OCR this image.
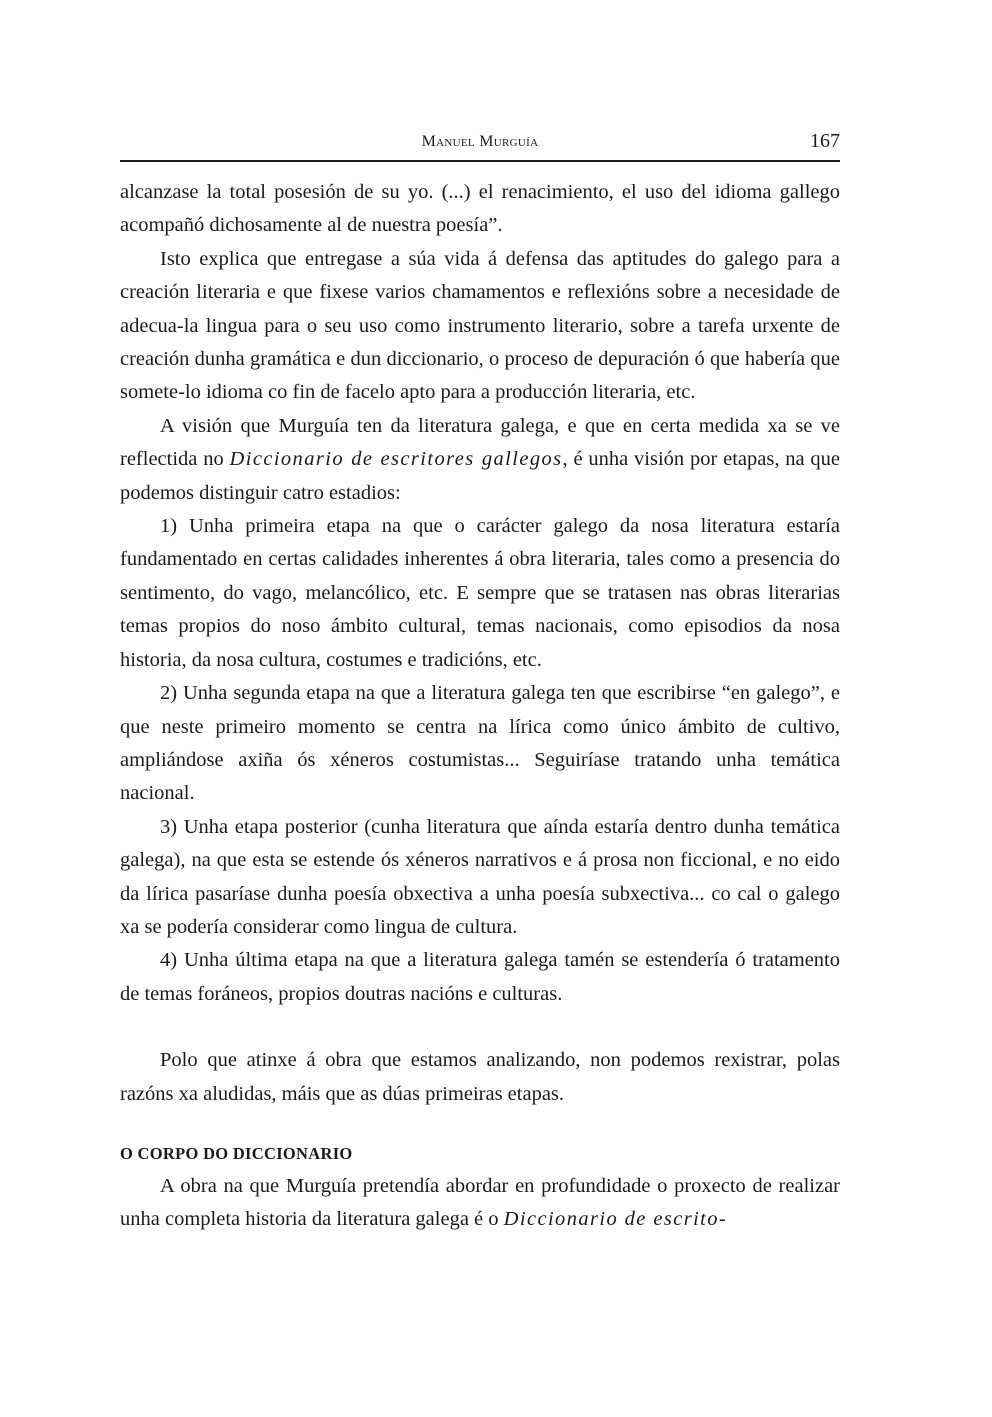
Manuel Murguía	167

alcanzase la total posesión de su yo. (...) el renacimiento, el uso del idioma gallego acompañó dichosamente al de nuestra poesía”.

Isto explica que entregase a súa vida á defensa das aptitudes do galego para a creación literaria e que fixese varios chamamentos e reflexións sobre a necesidade de adecua-la lingua para o seu uso como instrumento literario, sobre a tarefa urxente de creación dunha gramática e dun diccionario, o proceso de depuración ó que habería que somete-lo idioma co fin de facelo apto para a producción literaria, etc.

A visión que Murguía ten da literatura galega, e que en certa medida xa se ve reflectida no Diccionario de escritores gallegos, é unha visión por etapas, na que podemos distinguir catro estadios:

1) Unha primeira etapa na que o carácter galego da nosa literatura estaría fundamentado en certas calidades inherentes á obra literaria, tales como a presencia do sentimento, do vago, melancólico, etc. E sempre que se tratasen nas obras literarias temas propios do noso ámbito cultural, temas nacionais, como episodios da nosa historia, da nosa cultura, costumes e tradicións, etc.

2) Unha segunda etapa na que a literatura galega ten que escribirse “en galego”, e que neste primeiro momento se centra na lírica como único ámbito de cultivo, ampliándose axiña ós xéneros costumistas... Seguiríase tratando unha temática nacional.

3) Unha etapa posterior (cunha literatura que aínda estaría dentro dunha temática galega), na que esta se estende ós xéneros narrativos e á prosa non ficcional, e no eido da lírica pasaríase dunha poesía obxectiva a unha poesía subxectiva... co cal o galego xa se podería considerar como lingua de cultura.

4) Unha última etapa na que a literatura galega tamén se estendería ó tratamento de temas foráneos, propios doutras nacións e culturas.

Polo que atinxe á obra que estamos analizando, non podemos rexistrar, polas razóns xa aludidas, máis que as dúas primeiras etapas.

O CORPO DO DICCIONARIO

A obra na que Murguía pretendía abordar en profundidade o proxecto de realizar unha completa historia da literatura galega é o Diccionario de escrito-
